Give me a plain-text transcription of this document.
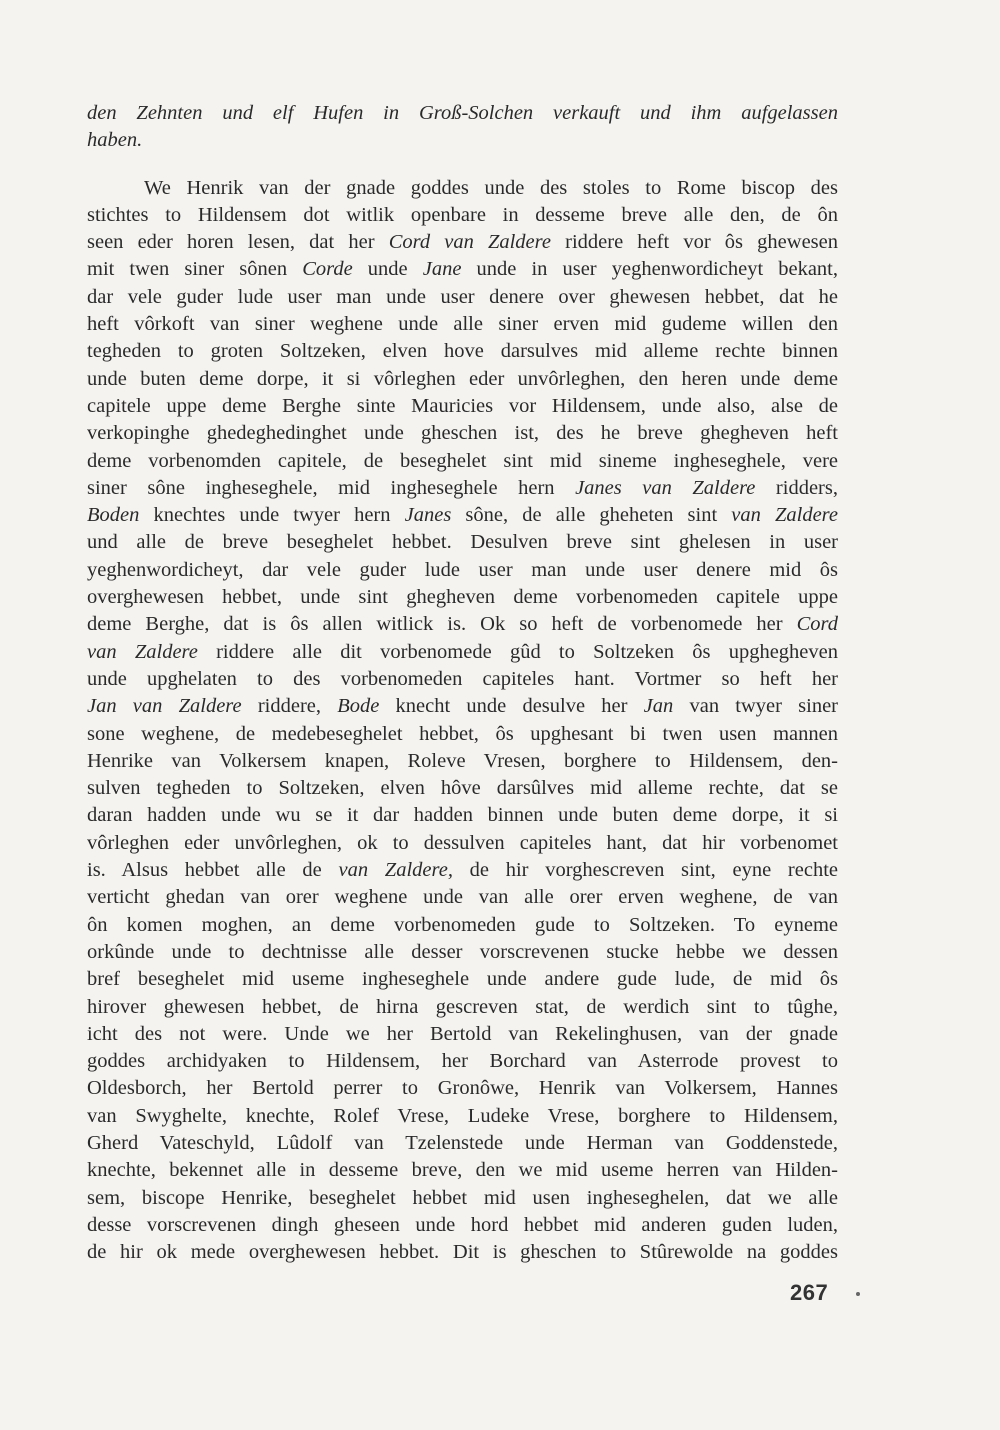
den Zehnten und elf Hufen in Groß-Solchen verkauft und ihm aufgelassen
haben.
We Henrik van der gnade goddes unde des stoles to Rome biscop des
stichtes to Hildensem dot witlik openbare in desseme breve alle den, de ôn
seen eder horen lesen, dat her Cord van Zaldere riddere heft vor ôs ghewesen
mit twen siner sônen Corde unde Jane unde in user yeghenwordicheyt bekant,
dar vele guder lude user man unde user denere over ghewesen hebbet, dat he
heft vôrkoft van siner weghene unde alle siner erven mid gudeme willen den
tegheden to groten Soltzeken, elven hove darsulves mid alleme rechte binnen
unde buten deme dorpe, it si vôrleghen eder unvôrleghen, den heren unde deme
capitele uppe deme Berghe sinte Mauricies vor Hildensem, unde also, alse de
verkopinghe ghedeghedinghet unde gheschen ist, des he breve ghegheven heft
deme vorbenomden capitele, de beseghelet sint mid sineme ingheseghele, vere
siner sône ingheseghele, mid ingheseghele hern Janes van Zaldere ridders,
Boden knechtes unde twyer hern Janes sône, de alle gheheten sint van Zaldere
und alle de breve beseghelet hebbet. Desulven breve sint ghelesen in user
yeghenwordicheyt, dar vele guder lude user man unde user denere mid ôs
overghewesen hebbet, unde sint ghegheven deme vorbenomeden capitele uppe
deme Berghe, dat is ôs allen witlick is. Ok so heft de vorbenomede her Cord
van Zaldere riddere alle dit vorbenomede gûd to Soltzeken ôs upghegheven
unde upghelaten to des vorbenomeden capiteles hant. Vortmer so heft her
Jan van Zaldere riddere, Bode knecht unde desulve her Jan van twyer siner
sone weghene, de medebeseghelet hebbet, ôs upghesant bi twen usen mannen
Henrike van Volkersem knapen, Roleve Vresen, borghere to Hildensem, den-
sulven tegheden to Soltzeken, elven hôve darsûlves mid alleme rechte, dat se
daran hadden unde wu se it dar hadden binnen unde buten deme dorpe, it si
vôrleghen eder unvôrleghen, ok to dessulven capiteles hant, dat hir vorbenomet
is. Alsus hebbet alle de van Zaldere, de hir vorghescreven sint, eyne rechte
verticht ghedan van orer weghene unde van alle orer erven weghene, de van
ôn komen moghen, an deme vorbenomeden gude to Soltzeken. To eyneme
orkûnde unde to dechtnisse alle desser vorscrevenen stucke hebbe we dessen
bref beseghelet mid useme ingheseghele unde andere gude lude, de mid ôs
hirover ghewesen hebbet, de hirna gescreven stat, de werdich sint to tûghe,
icht des not were. Unde we her Bertold van Rekelinghusen, van der gnade
goddes archidyaken to Hildensem, her Borchard van Asterrode provest to
Oldesborch, her Bertold perrer to Gronôwe, Henrik van Volkersem, Hannes
van Swyghelte, knechte, Rolef Vrese, Ludeke Vrese, borghere to Hildensem,
Gherd Vateschyld, Lûdolf van Tzelenstede unde Herman van Goddenstede,
knechte, bekennet alle in desseme breve, den we mid useme herren van Hilden-
sem, biscope Henrike, beseghelet hebbet mid usen ingheseghelen, dat we alle
desse vorscrevenen dingh gheseen unde hord hebbet mid anderen guden luden,
de hir ok mede overghewesen hebbet. Dit is gheschen to Stûrewolde na goddes
267
